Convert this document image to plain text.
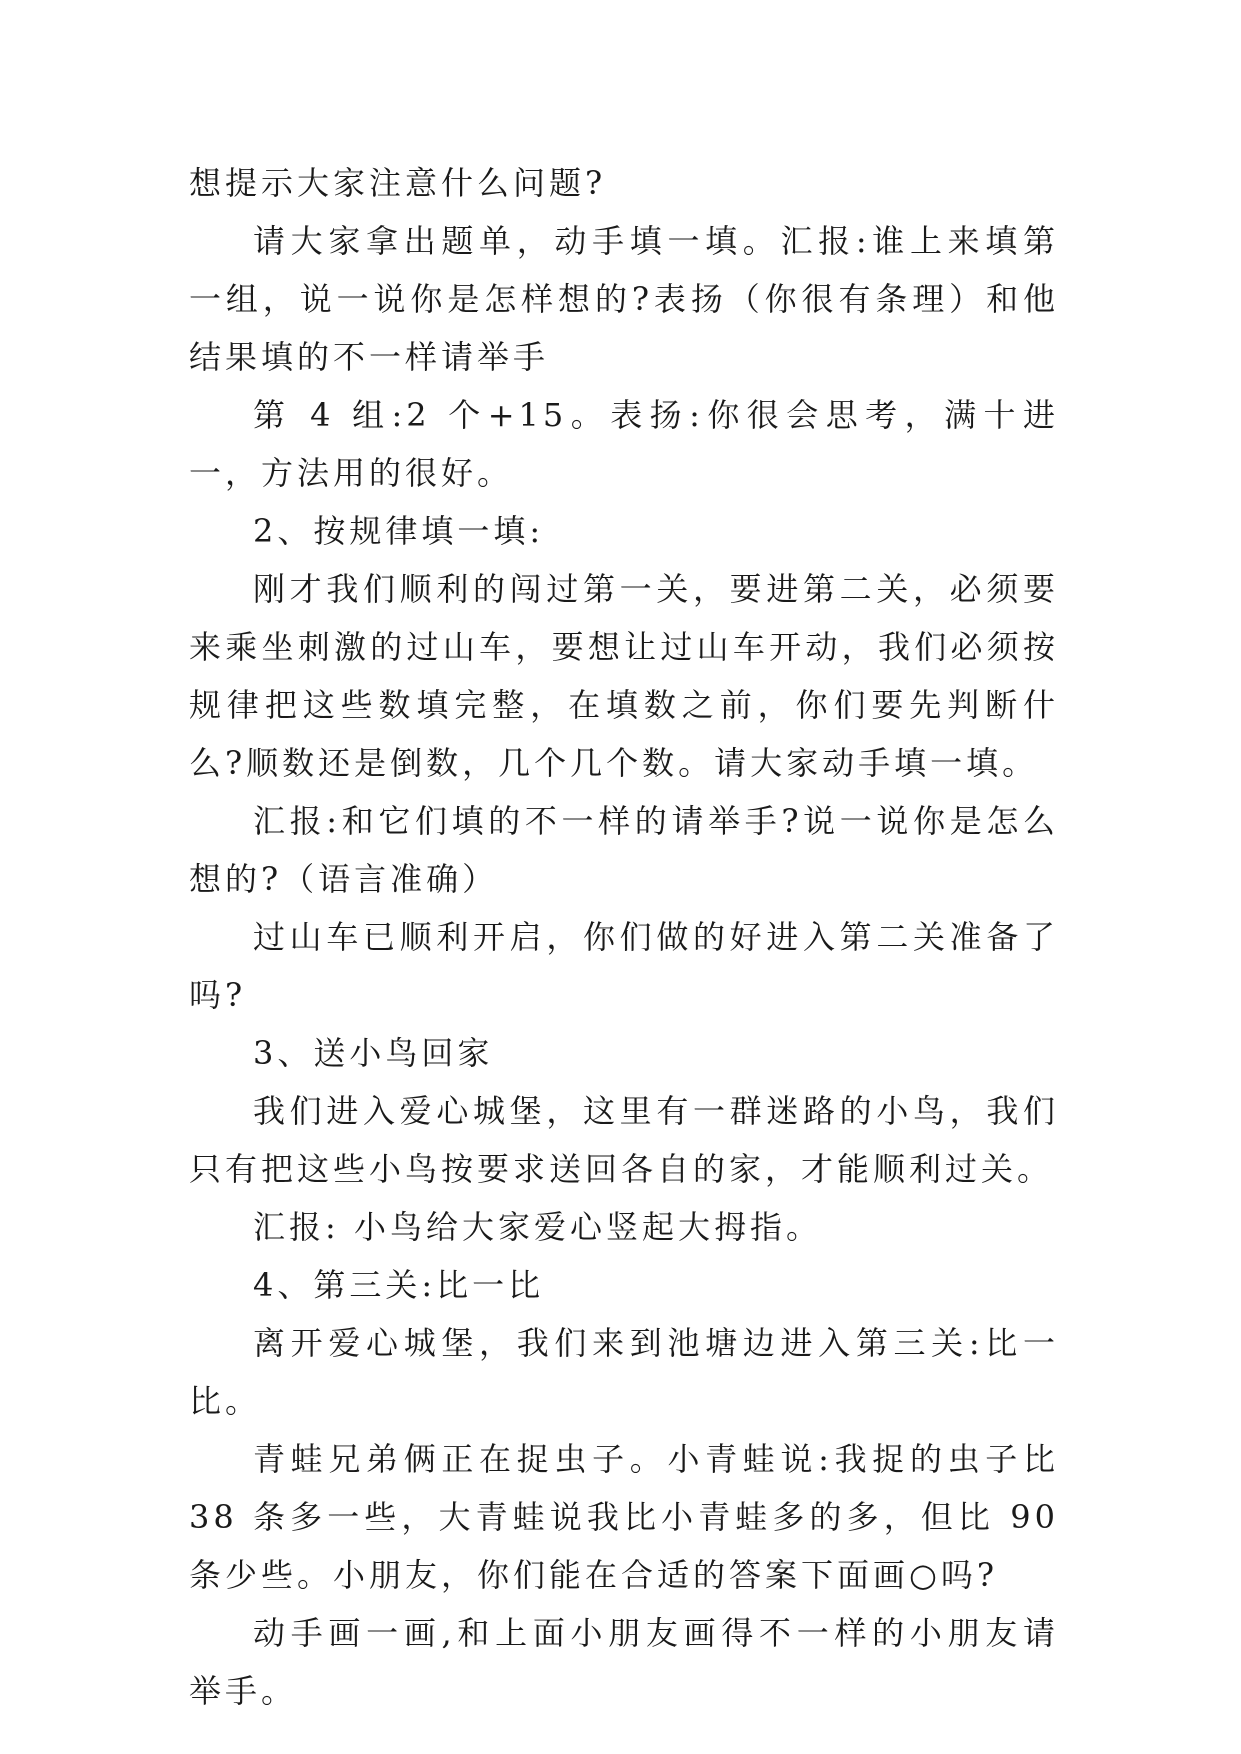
想提示大家注意什么问题?

请大家拿出题单，动手填一填。汇报:谁上来填第一组，说一说你是怎样想的?表扬（你很有条理）和他结果填的不一样请举手

第 4 组:2 个+15。表扬:你很会思考，满十进一，方法用的很好。

2、按规律填一填:

刚才我们顺利的闯过第一关，要进第二关，必须要来乘坐刺激的过山车，要想让过山车开动，我们必须按规律把这些数填完整，在填数之前，你们要先判断什么?顺数还是倒数，几个几个数。请大家动手填一填。

汇报:和它们填的不一样的请举手?说一说你是怎么想的?（语言准确）

过山车已顺利开启，你们做的好进入第二关准备了吗?

3、送小鸟回家

我们进入爱心城堡，这里有一群迷路的小鸟，我们只有把这些小鸟按要求送回各自的家，才能顺利过关。

汇报: 小鸟给大家爱心竖起大拇指。

4、第三关:比一比

离开爱心城堡，我们来到池塘边进入第三关:比一比。

青蛙兄弟俩正在捉虫子。小青蛙说:我捉的虫子比 38 条多一些，大青蛙说我比小青蛙多的多，但比 90 条少些。小朋友，你们能在合适的答案下面画○吗?

动手画一画,和上面小朋友画得不一样的小朋友请举手。
